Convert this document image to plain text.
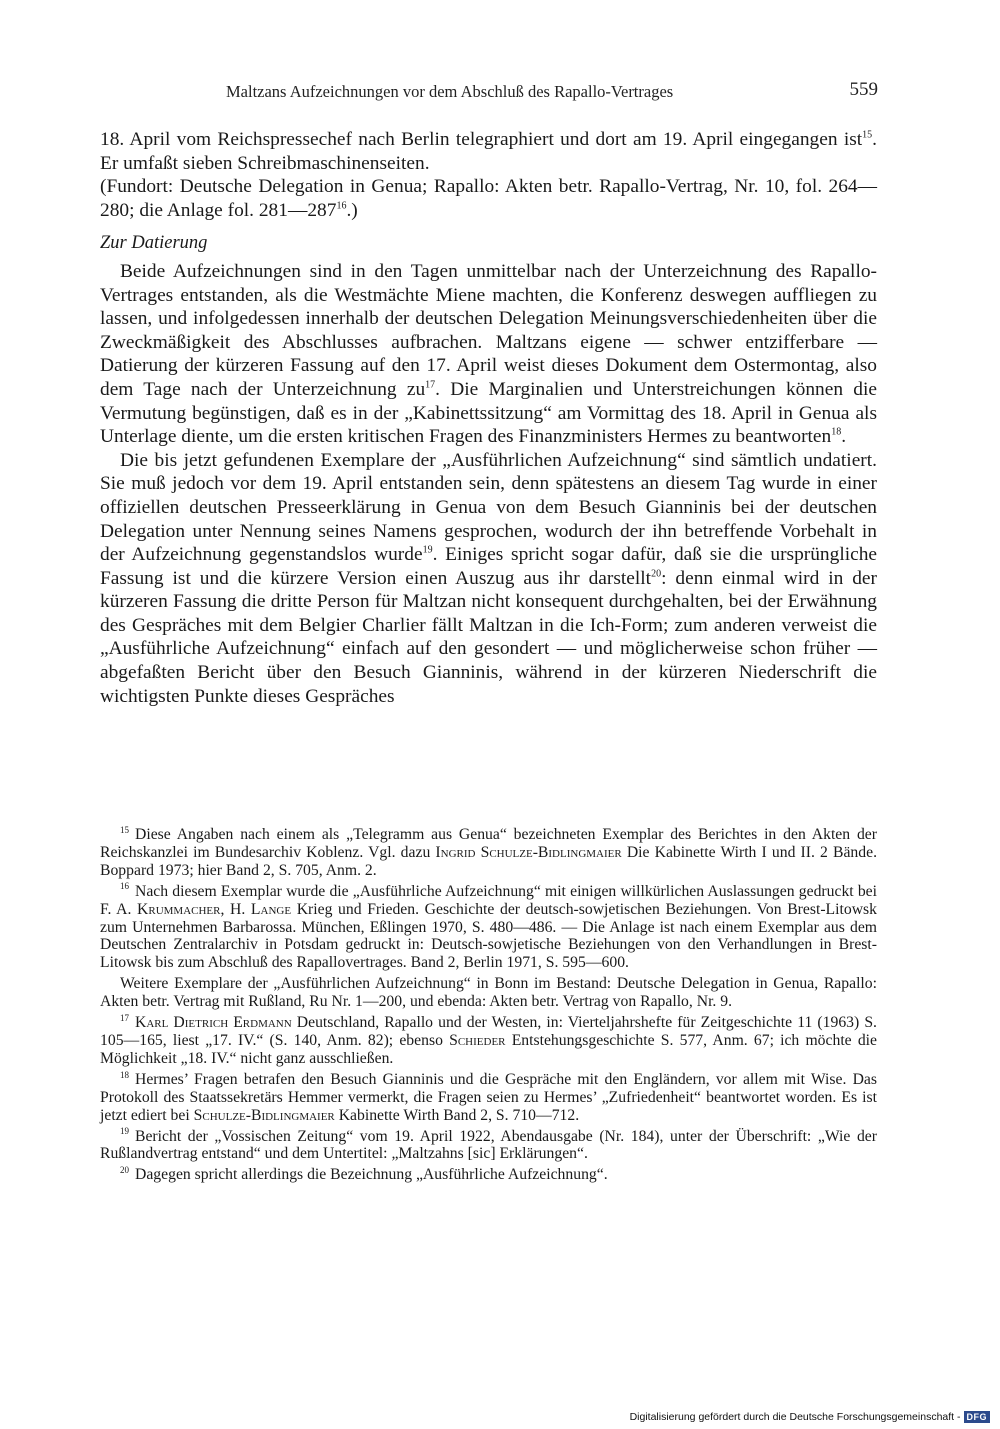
Maltzans Aufzeichnungen vor dem Abschluß des Rapallo-Vertrages	559

18. April vom Reichspressechef nach Berlin telegraphiert und dort am 19. April eingegangen ist$^{15}$. Er umfaßt sieben Schreibmaschinenseiten.

(Fundort: Deutsche Delegation in Genua; Rapallo: Akten betr. Rapallo-Vertrag, Nr. 10, fol. 264—280; die Anlage fol. $281—287^{16}$.)

Zur Datierung

Beide Aufzeichnungen sind in den Tagen unmittelbar nach der Unterzeichnung des Rapallo-Vertrages entstanden, als die Westmächte Miene machten, die Konferenz deswegen auffliegen zu lassen, und infolgedessen innerhalb der deutschen Delegation Meinungsverschiedenheiten über die Zweckmäßigkeit des Abschlusses aufbrachen. Maltzans eigene — schwer entzifferbare — Datierung der kürzeren Fassung auf den 17. April weist dieses Dokument dem Ostermontag, also dem Tage nach der Unterzeichnung $zu^{17}$. Die Marginalien und Unterstreichungen können die Vermutung begünstigen, daß es in der „Kabinettssitzung“ am Vormittag des 18. April in Genua als Unterlage diente, um die ersten kritischen Fragen des Finanzministers Hermes zu beantworten$^{18}$.

Die bis jetzt gefundenen Exemplare der „Ausführlichen Aufzeichnung“ sind sämtlich undatiert. Sie muß jedoch vor dem 19. April entstanden sein, denn spätestens an diesem Tag wurde in einer offiziellen deutschen Presseerklärung in Genua von dem Besuch Gianninis bei der deutschen Delegation unter Nennung seines Namens gesprochen, wodurch der ihn betreffende Vorbehalt in der Aufzeichnung gegenstandslos wurde$^{19}$. Einiges spricht sogar dafür, daß sie die ursprüngliche Fassung ist und die kürzere Version einen Auszug aus ihr darstellt$^{20}$: denn einmal wird in der kürzeren Fassung die dritte Person für Maltzan nicht konsequent durchgehalten, bei der Erwähnung des Gespräches mit dem Belgier Charlier fällt Maltzan in die Ich-Form; zum anderen verweist die „Ausführliche Aufzeichnung“ einfach auf den gesondert — und möglicherweise schon früher — abgefaßten Bericht über den Besuch Gianninis, während in der kürzeren Niederschrift die wichtigsten Punkte dieses Gespräches

$^{15}$ Diese Angaben nach einem als „Telegramm aus Genua“ bezeichneten Exemplar des Berichtes in den Akten der Reichskanzlei im Bundesarchiv Koblenz. Vgl. dazu Ingrid Schulze-Bidlingmaier Die Kabinette Wirth I und II. 2 Bände. Boppard 1973; hier Band 2, S. 705, Anm. 2.

$^{16}$ Nach diesem Exemplar wurde die „Ausführliche Aufzeichnung“ mit einigen willkürlichen Auslassungen gedruckt bei F. A. Krummacher, H. Lange Krieg und Frieden. Geschichte der deutsch-sowjetischen Beziehungen. Von Brest-Litowsk zum Unternehmen Barbarossa. München, Eßlingen 1970, S. 480—486. — Die Anlage ist nach einem Exemplar aus dem Deutschen Zentralarchiv in Potsdam gedruckt in: Deutsch-sowjetische Beziehungen von den Verhandlungen in Brest-Litowsk bis zum Abschluß des Rapallovertrages. Band 2, Berlin 1971, S. 595—600.

Weitere Exemplare der „Ausführlichen Aufzeichnung“ in Bonn im Bestand: Deutsche Delegation in Genua, Rapallo: Akten betr. Vertrag mit Rußland, Ru Nr. 1—200, und ebenda: Akten betr. Vertrag von Rapallo, Nr. 9.

$^{17}$ Karl Dietrich Erdmann Deutschland, Rapallo und der Westen, in: Vierteljahrshefte für Zeitgeschichte 11 (1963) S. 105—165, liest „17. IV.“ (S. 140, Anm. 82); ebenso Schieder Entstehungsgeschichte S. 577, Anm. 67; ich möchte die Möglichkeit „18. IV.“ nicht ganz ausschließen.

$^{18}$ Hermes’ Fragen betrafen den Besuch Gianninis und die Gespräche mit den Engländern, vor allem mit Wise. Das Protokoll des Staatssekretärs Hemmer vermerkt, die Fragen seien zu Hermes’ „Zufriedenheit“ beantwortet worden. Es ist jetzt ediert bei Schulze-Bidlingmaier Kabinette Wirth Band 2, S. 710—712.

$^{19}$ Bericht der „Vossischen Zeitung“ vom 19. April 1922, Abendausgabe (Nr. 184), unter der Überschrift: „Wie der Rußlandvertrag entstand“ und dem Untertitel: „Maltzahns [sic] Erklärungen“.

$^{20}$ Dagegen spricht allerdings die Bezeichnung „Ausführliche Aufzeichnung“.

Digitalisierung gefördert durch die Deutsche Forschungsgemeinschaft - DFG
